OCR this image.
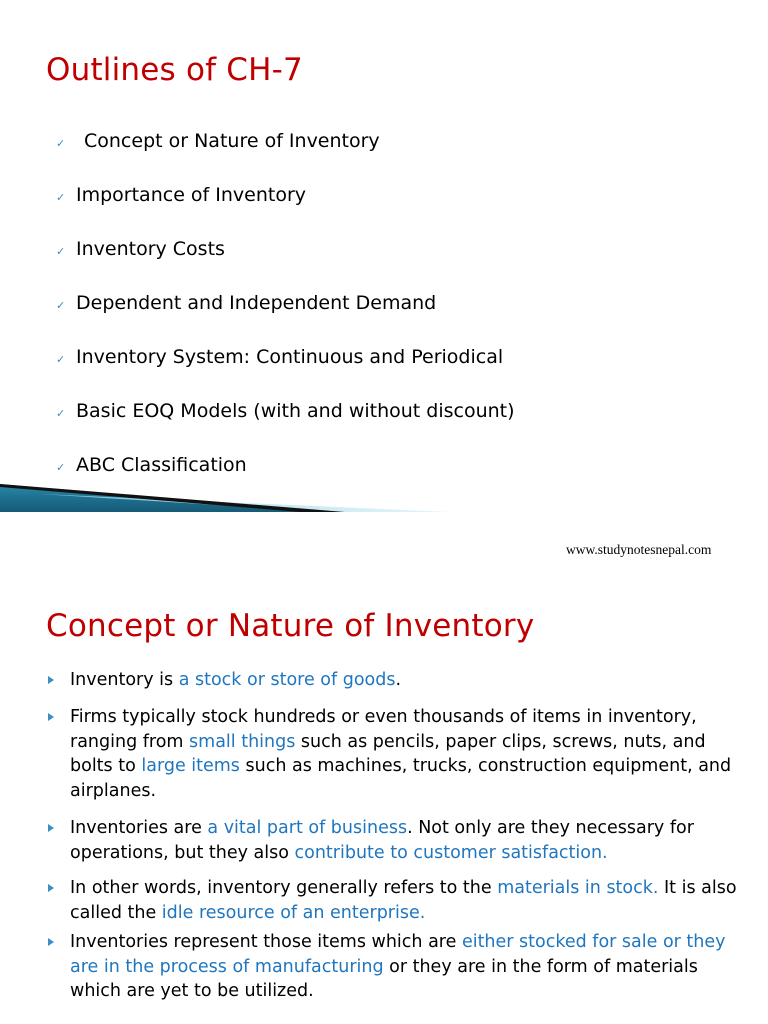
Outlines of CH-7
✓ Concept or Nature of Inventory
✓ Importance of Inventory
✓ Inventory Costs
✓ Dependent and Independent Demand
✓ Inventory System: Continuous and Periodical
✓ Basic EOQ Models (with and without discount)
✓ ABC Classification
www.studynotesnepal.com
Concept or Nature of Inventory
Inventory is a stock or store of goods.
Firms typically stock hundreds or even thousands of items in inventory, ranging from small things such as pencils, paper clips, screws, nuts, and bolts to large items such as machines, trucks, construction equipment, and airplanes.
Inventories are a vital part of business. Not only are they necessary for operations, but they also contribute to customer satisfaction.
In other words, inventory generally refers to the materials in stock. It is also called the idle resource of an enterprise.
Inventories represent those items which are either stocked for sale or they are in the process of manufacturing or they are in the form of materials which are yet to be utilized.
